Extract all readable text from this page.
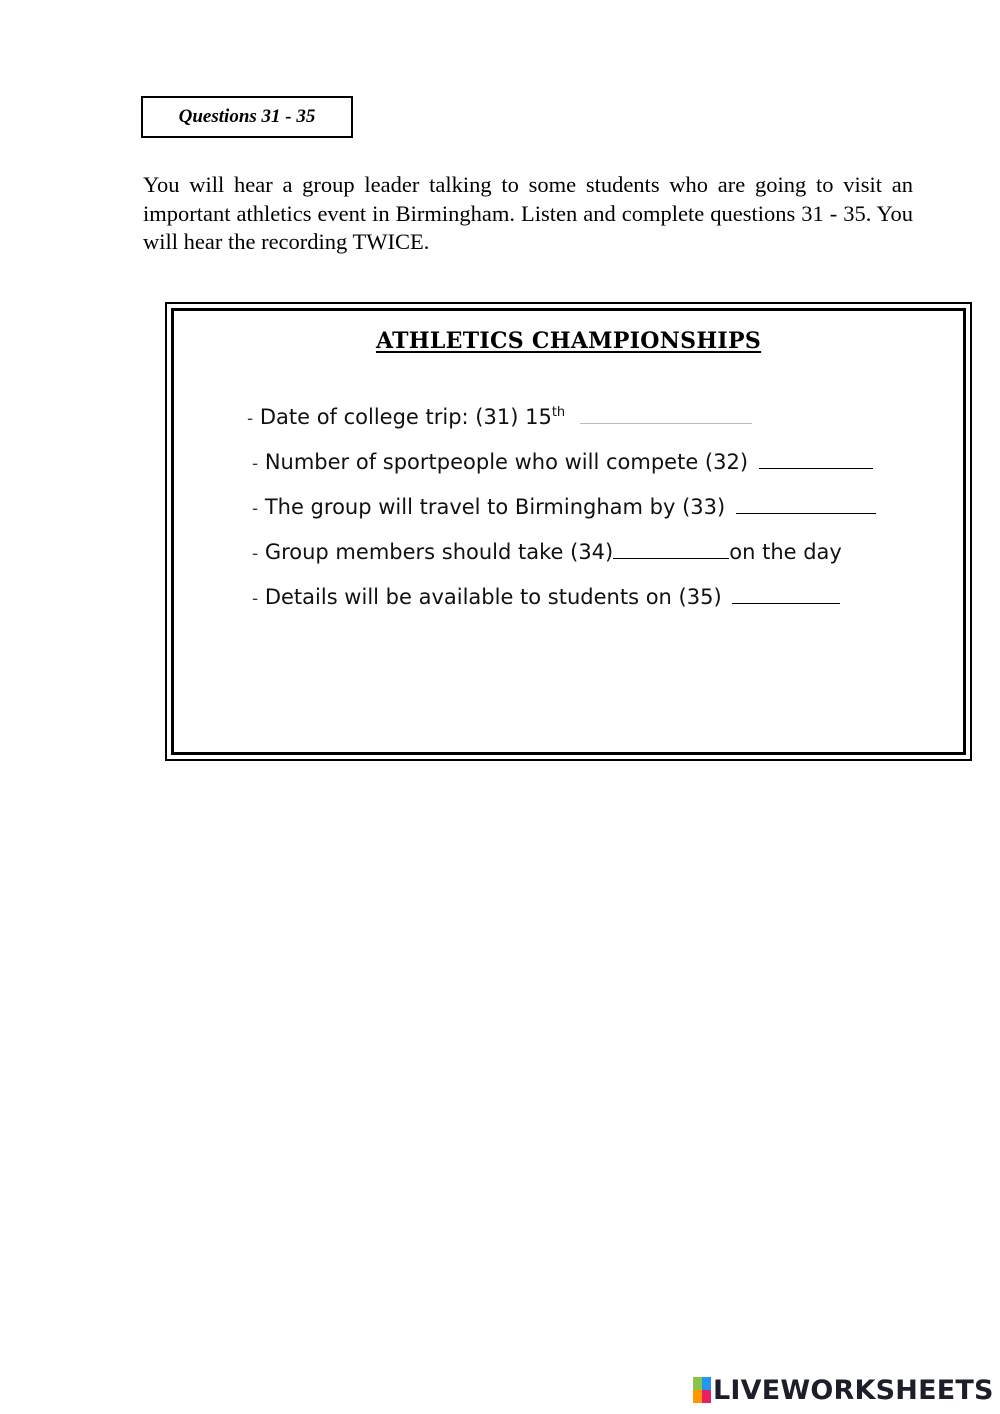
Questions 31 - 35

You will hear a group leader talking to some students who are going to visit an important athletics event in Birmingham. Listen and complete questions 31 - 35. You will hear the recording TWICE.

ATHLETICS CHAMPIONSHIPS
- Date of college trip: (31) 15th
- Number of sportpeople who will compete (32)
- The group will travel to Birmingham by (33)
- Group members should take (34)	on the day
- Details will be available to students on (35)
LIVEWORKSHEETS
